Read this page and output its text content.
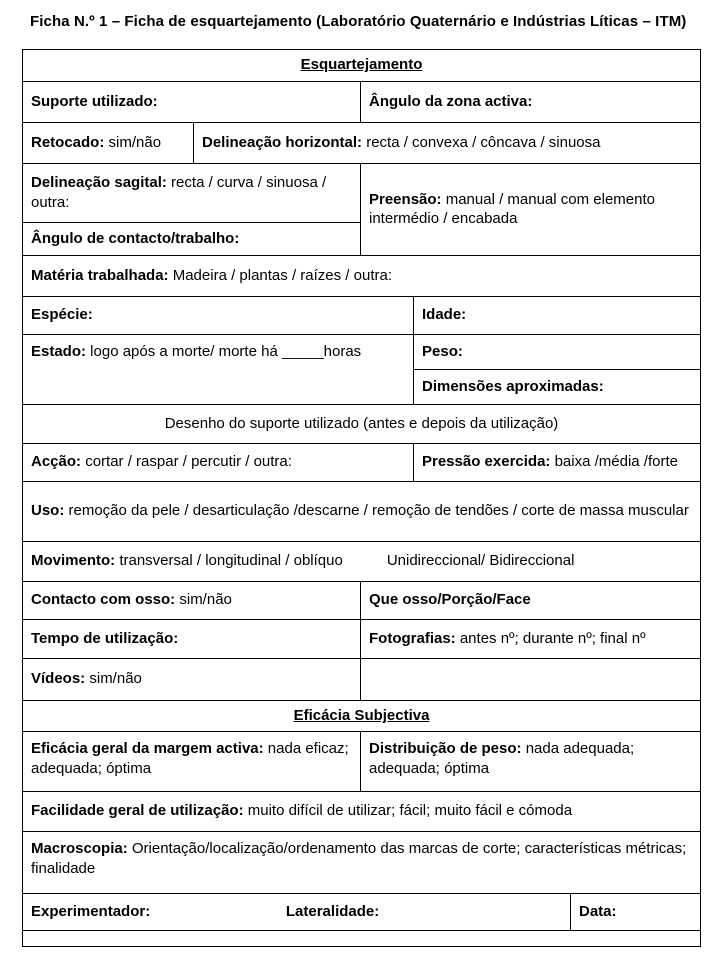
Ficha N.º 1 – Ficha de esquartejamento (Laboratório Quaternário e Indústrias Líticas – ITM)
Esquartejamento				
Suporte utilizado:		Ângulo da zona activa:		
Retocado: sim/não	Delineação horizontal: recta / convexa / côncava / sinuosa			
Delineação sagital: recta / curva / sinuosa / outra:		Preensão: manual / manual com elemento intermédio / encabada		
Ângulo de contacto/trabalho:				
Matéria trabalhada: Madeira / plantas / raízes / outra:				
Espécie:			Idade:	
Estado: logo após a morte/ morte há _____horas			Peso:	
			Dimensões aproximadas:	
Desenho do suporte utilizado (antes e depois da utilização)				
Acção: cortar / raspar / percutir / outra:			Pressão exercida: baixa /média /forte	
Uso: remoção da pele / desarticulação /descarne / remoção de tendões / corte de massa muscular				
Movimento: transversal / longitudinal / oblíquo Unidireccional/ Bidireccional				
Contacto com osso: sim/não		Que osso/Porção/Face		
Tempo de utilização:		Fotografias: antes nº; durante nº; final nº		
Vídeos: sim/não				
Eficácia Subjectiva				
Eficácia geral da margem activa: nada eficaz; adequada; óptima		Distribuição de peso: nada adequada; adequada; óptima		
Facilidade geral de utilização: muito difícil de utilizar; fácil; muito fácil e cómoda				
Macroscopia: Orientação/localização/ordenamento das marcas de corte; características métricas; finalidade				

Experimentador: Lateralidade:				Data:
